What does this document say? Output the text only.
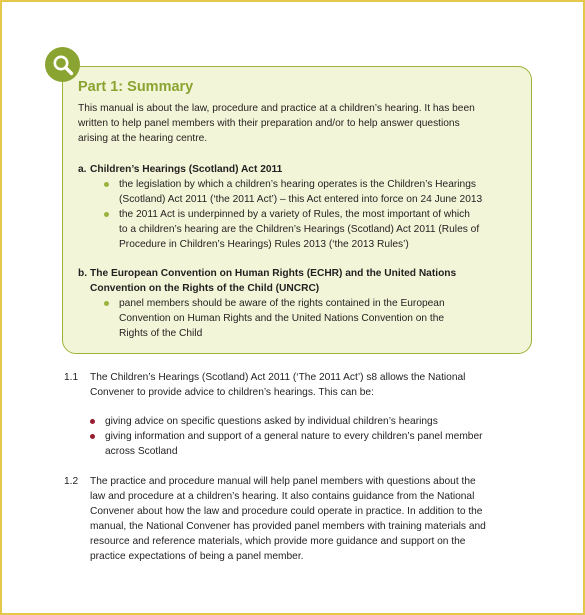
Part 1: Summary

This manual is about the law, procedure and practice at a children’s hearing. It has been
written to help panel members with their preparation and/or to help answer questions
arising at the hearing centre.

a. Children’s Hearings (Scotland) Act 2011

the legislation by which a children’s hearing operates is the Children’s Hearings
(Scotland) Act 2011 (‘the 2011 Act’) – this Act entered into force on 24 June 2013
the 2011 Act is underpinned by a variety of Rules, the most important of which
to a children’s hearing are the Children’s Hearings (Scotland) Act 2011 (Rules of
Procedure in Children’s Hearings) Rules 2013 (‘the 2013 Rules’)

b. The European Convention on Human Rights (ECHR) and the United Nations
Convention on the Rights of the Child (UNCRC)

panel members should be aware of the rights contained in the European
Convention on Human Rights and the United Nations Convention on the
Rights of the Child

1.1 The Children’s Hearings (Scotland) Act 2011 (‘The 2011 Act’) s8 allows the National
Convener to provide advice to children’s hearings. This can be:

giving advice on specific questions asked by individual children’s hearings
giving information and support of a general nature to every children’s panel member
across Scotland

1.2 The practice and procedure manual will help panel members with questions about the
law and procedure at a children’s hearing. It also contains guidance from the National
Convener about how the law and procedure could operate in practice. In addition to the
manual, the National Convener has provided panel members with training materials and
resource and reference materials, which provide more guidance and support on the
practice expectations of being a panel member.
